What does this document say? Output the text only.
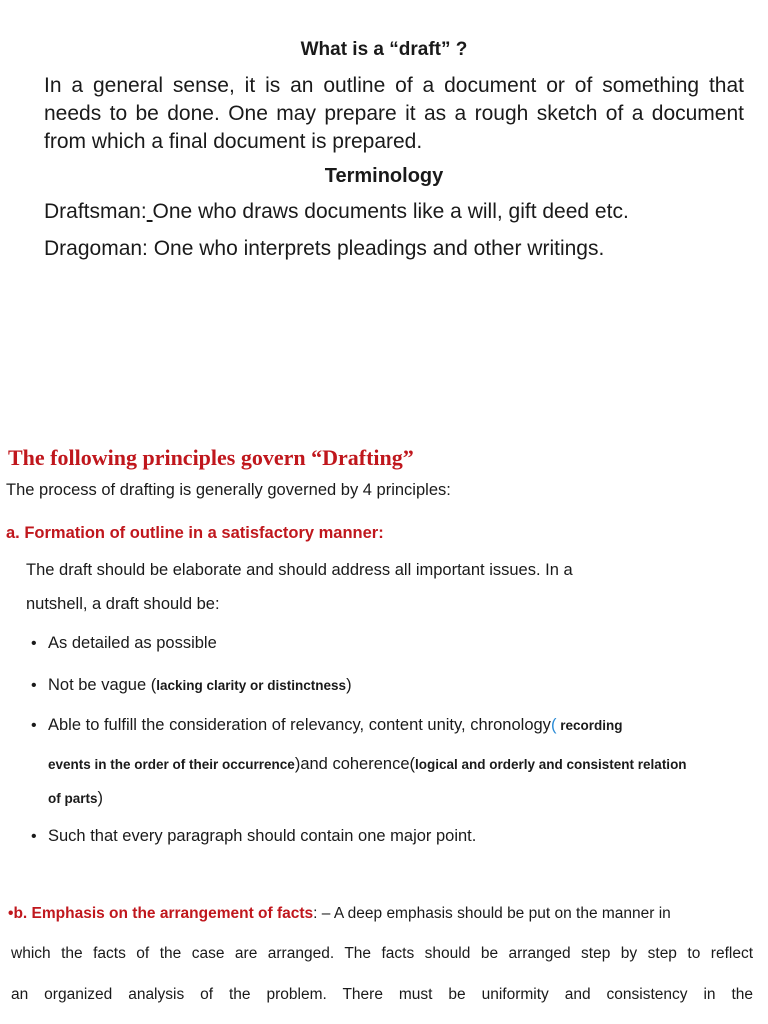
What is a “draft” ?
In a general sense, it is an outline of a document or of something that needs to be done. One may prepare it as a rough sketch of a document from which a final document is prepared.
Terminology
Draftsman: One who draws documents like a will, gift deed etc.
Dragoman: One who interprets pleadings and other writings.
The following principles govern “Drafting”
The process of drafting is generally governed by 4 principles:
a. Formation of outline in a satisfactory manner:
The draft should be elaborate and should address all important issues. In a
nutshell, a draft should be:
• As detailed as possible
• Not be vague (lacking clarity or distinctness)
• Able to fulfill the consideration of relevancy, content unity, chronology( recording
events in the order of their occurrence)and coherence(logical and orderly and consistent relation
of parts)
• Such that every paragraph should contain one major point.
•b. Emphasis on the arrangement of facts: – A deep emphasis should be put on the manner in
which the facts of the case are arranged. The facts should be arranged step by step to reflect
an organized analysis of the problem. There must be uniformity and consistency in the
